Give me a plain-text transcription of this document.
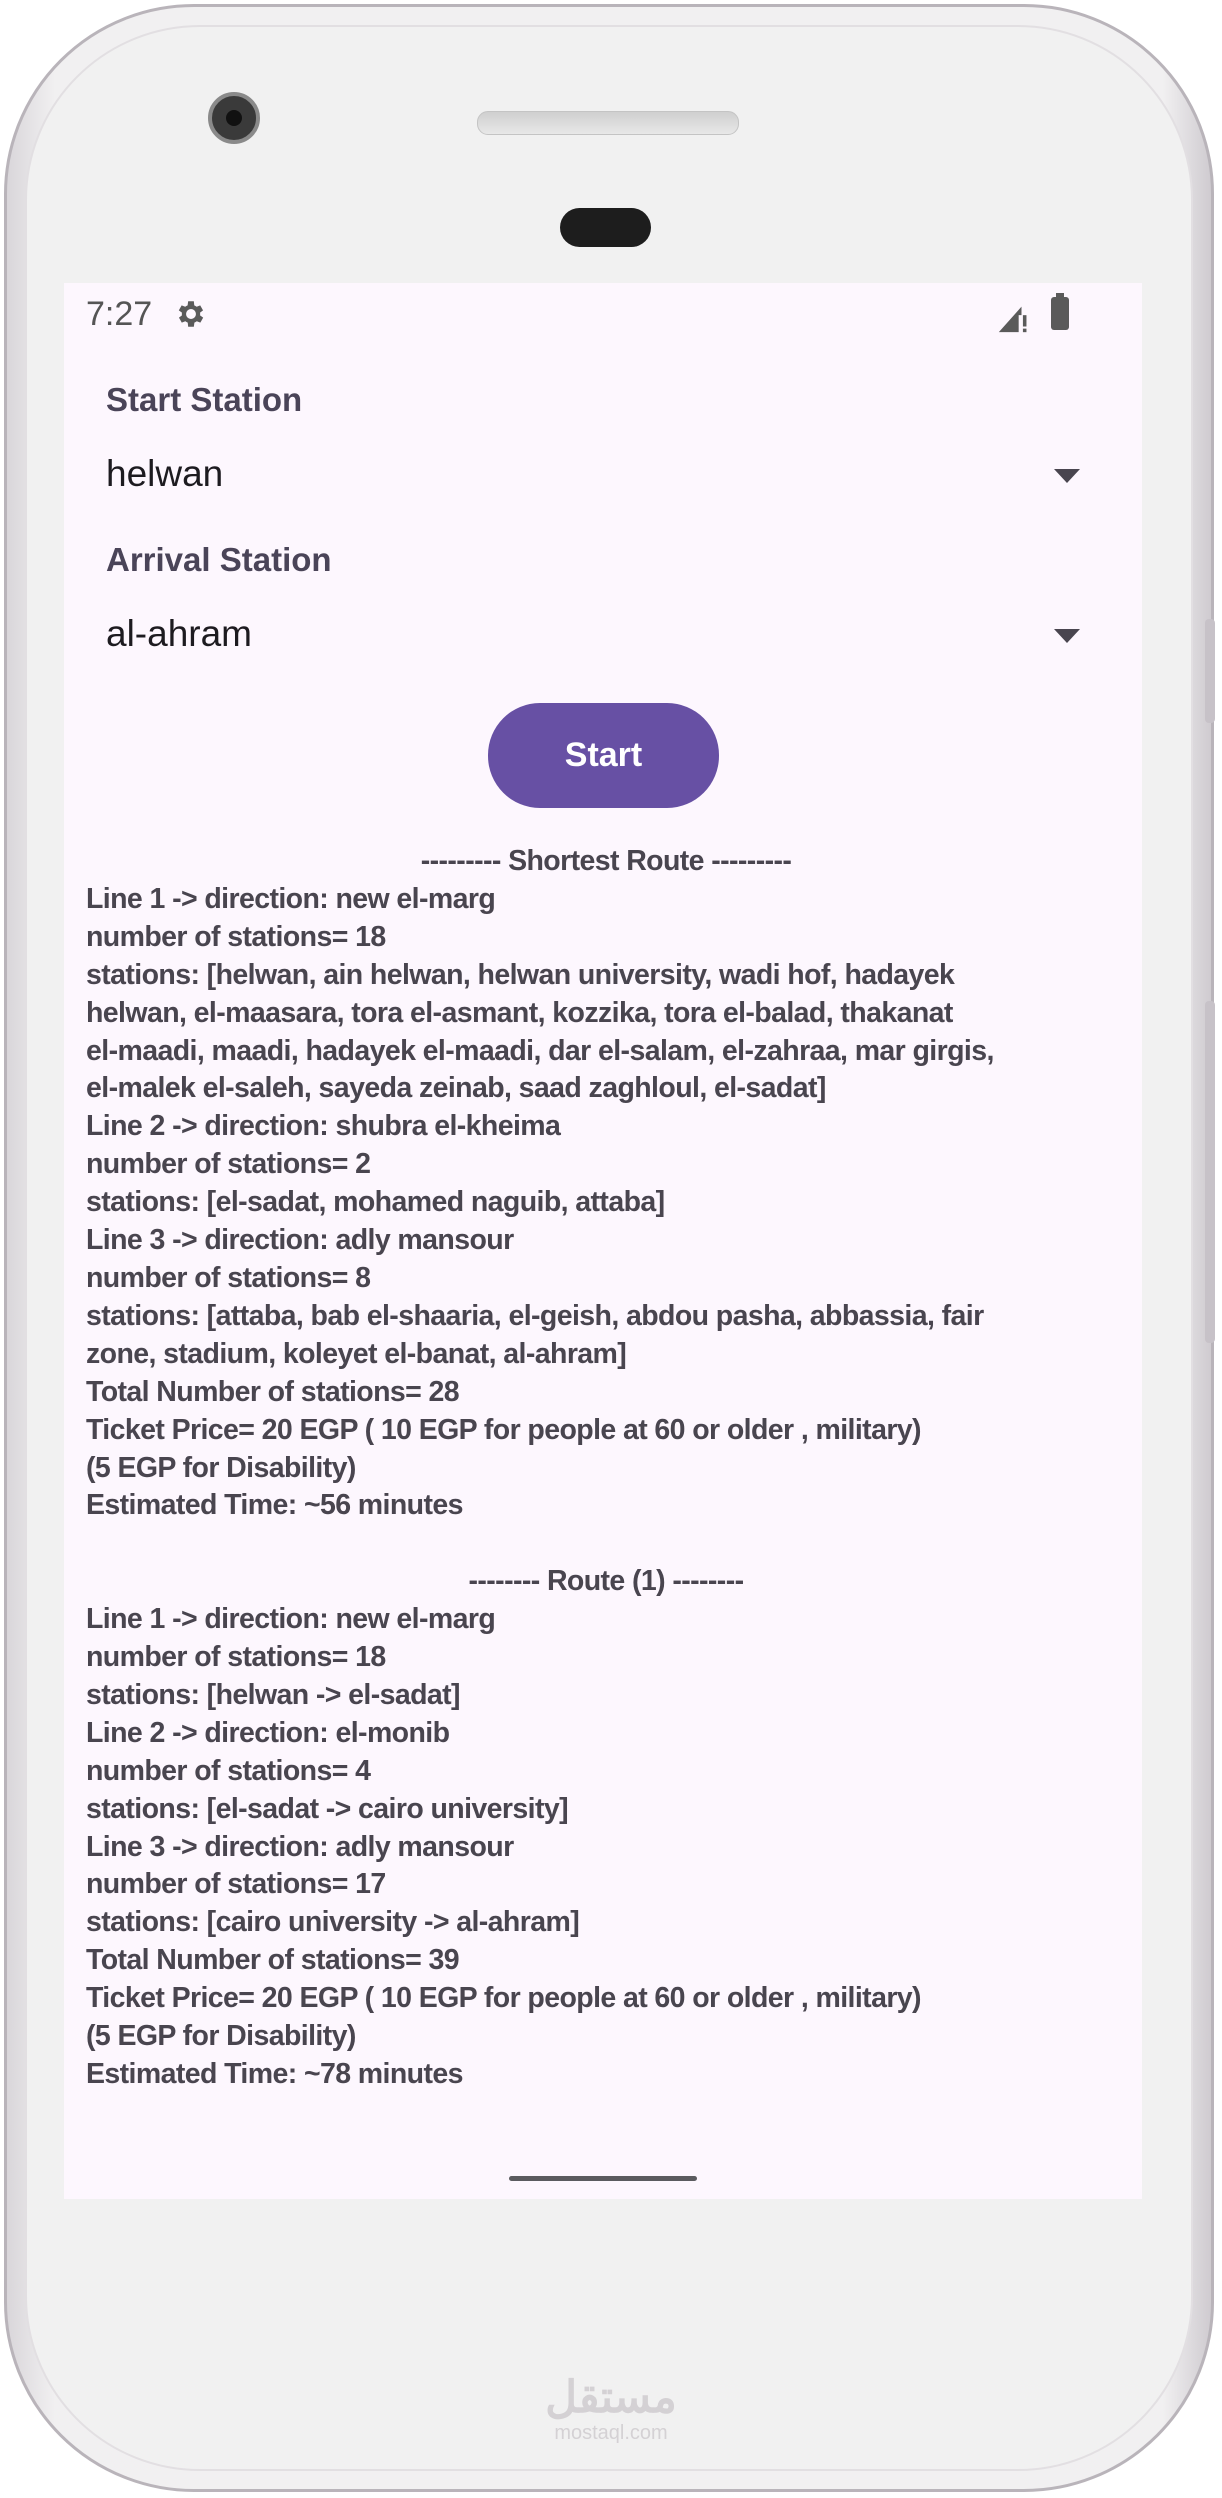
7:27
Start Station
helwan
Arrival Station
al-ahram
Start
--------- Shortest Route ---------
Line 1 -> direction: new el-marg
number of stations= 18
stations: [helwan, ain helwan, helwan university, wadi hof, hadayek
helwan, el-maasara, tora el-asmant, kozzika, tora el-balad, thakanat
el-maadi, maadi, hadayek el-maadi, dar el-salam, el-zahraa, mar girgis,
el-malek el-saleh, sayeda zeinab, saad zaghloul, el-sadat]
Line 2 -> direction: shubra el-kheima
number of stations= 2
stations: [el-sadat, mohamed naguib, attaba]
Line 3 -> direction: adly mansour
number of stations= 8
stations: [attaba, bab el-shaaria, el-geish, abdou pasha, abbassia, fair
zone, stadium, koleyet el-banat, al-ahram]
Total Number of stations= 28
Ticket Price= 20 EGP ( 10 EGP for people at 60 or older , military)
(5 EGP for Disability)
Estimated Time: ~56 minutes
-------- Route (1) --------
Line 1 -> direction: new el-marg
number of stations= 18
stations: [helwan -> el-sadat]
Line 2 -> direction: el-monib
number of stations= 4
stations: [el-sadat -> cairo university]
Line 3 -> direction: adly mansour
number of stations= 17
stations: [cairo university -> al-ahram]
Total Number of stations= 39
Ticket Price= 20 EGP ( 10 EGP for people at 60 or older , military)
(5 EGP for Disability)
Estimated Time: ~78 minutes
مستقل
mostaql.com
